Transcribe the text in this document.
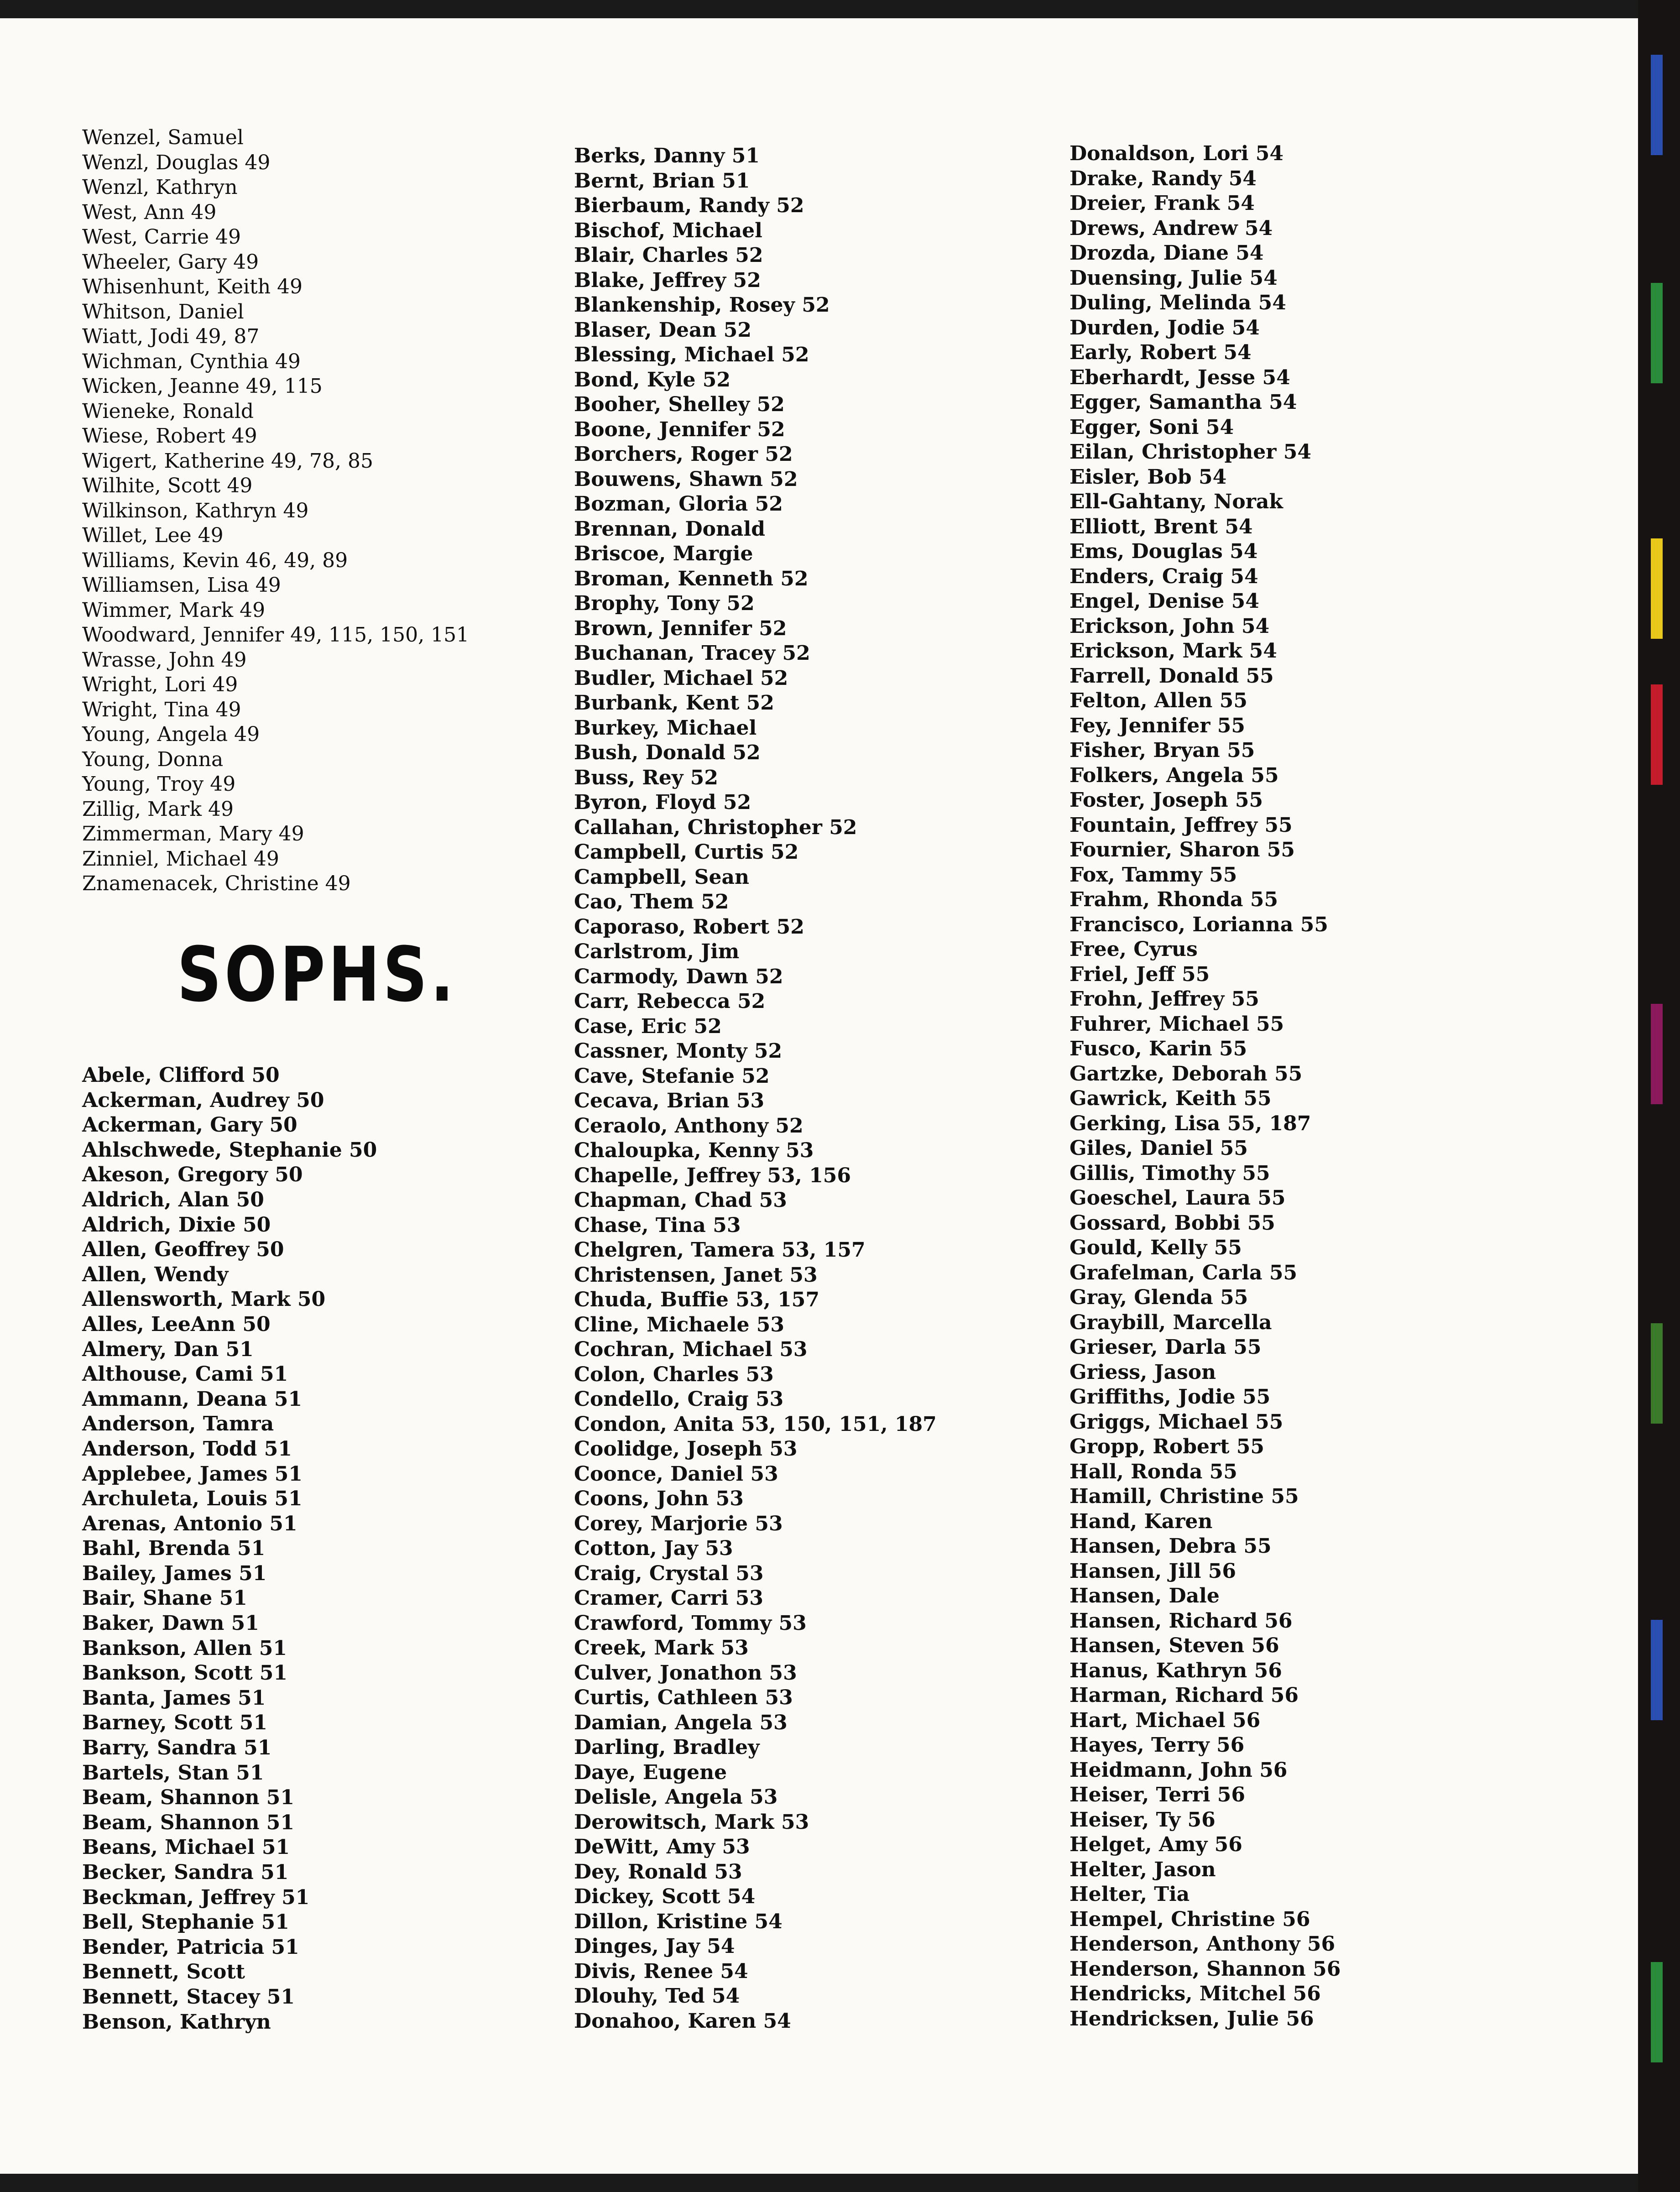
Wenzel, Samuel
Wenzl, Douglas 49
Wenzl, Kathryn
West, Ann 49
West, Carrie 49
Wheeler, Gary 49
Whisenhunt, Keith 49
Whitson, Daniel
Wiatt, Jodi 49, 87
Wichman, Cynthia 49
Wicken, Jeanne 49, 115
Wieneke, Ronald
Wiese, Robert 49
Wigert, Katherine 49, 78, 85
Wilhite, Scott 49
Wilkinson, Kathryn 49
Willet, Lee 49
Williams, Kevin 46, 49, 89
Williamsen, Lisa 49
Wimmer, Mark 49
Woodward, Jennifer 49, 115, 150, 151
Wrasse, John 49
Wright, Lori 49
Wright, Tina 49
Young, Angela 49
Young, Donna
Young, Troy 49
Zillig, Mark 49
Zimmerman, Mary 49
Zinniel, Michael 49
Znamenacek, Christine 49
SOPHS.
Abele, Clifford 50
Ackerman, Audrey 50
Ackerman, Gary 50
Ahlschwede, Stephanie 50
Akeson, Gregory 50
Aldrich, Alan 50
Aldrich, Dixie 50
Allen, Geoffrey 50
Allen, Wendy
Allensworth, Mark 50
Alles, LeeAnn 50
Almery, Dan 51
Althouse, Cami 51
Ammann, Deana 51
Anderson, Tamra
Anderson, Todd 51
Applebee, James 51
Archuleta, Louis 51
Arenas, Antonio 51
Bahl, Brenda 51
Bailey, James 51
Bair, Shane 51
Baker, Dawn 51
Bankson, Allen 51
Bankson, Scott 51
Banta, James 51
Barney, Scott 51
Barry, Sandra 51
Bartels, Stan 51
Beam, Shannon 51
Beam, Shannon 51
Beans, Michael 51
Becker, Sandra 51
Beckman, Jeffrey 51
Bell, Stephanie 51
Bender, Patricia 51
Bennett, Scott
Bennett, Stacey 51
Benson, Kathryn
Berks, Danny 51
Bernt, Brian 51
Bierbaum, Randy 52
Bischof, Michael
Blair, Charles 52
Blake, Jeffrey 52
Blankenship, Rosey 52
Blaser, Dean 52
Blessing, Michael 52
Bond, Kyle 52
Booher, Shelley 52
Boone, Jennifer 52
Borchers, Roger 52
Bouwens, Shawn 52
Bozman, Gloria 52
Brennan, Donald
Briscoe, Margie
Broman, Kenneth 52
Brophy, Tony 52
Brown, Jennifer 52
Buchanan, Tracey 52
Budler, Michael 52
Burbank, Kent 52
Burkey, Michael
Bush, Donald 52
Buss, Rey 52
Byron, Floyd 52
Callahan, Christopher 52
Campbell, Curtis 52
Campbell, Sean
Cao, Them 52
Caporaso, Robert 52
Carlstrom, Jim
Carmody, Dawn 52
Carr, Rebecca 52
Case, Eric 52
Cassner, Monty 52
Cave, Stefanie 52
Cecava, Brian 53
Ceraolo, Anthony 52
Chaloupka, Kenny 53
Chapelle, Jeffrey 53, 156
Chapman, Chad 53
Chase, Tina 53
Chelgren, Tamera 53, 157
Christensen, Janet 53
Chuda, Buffie 53, 157
Cline, Michaele 53
Cochran, Michael 53
Colon, Charles 53
Condello, Craig 53
Condon, Anita 53, 150, 151, 187
Coolidge, Joseph 53
Coonce, Daniel 53
Coons, John 53
Corey, Marjorie 53
Cotton, Jay 53
Craig, Crystal 53
Cramer, Carri 53
Crawford, Tommy 53
Creek, Mark 53
Culver, Jonathon 53
Curtis, Cathleen 53
Damian, Angela 53
Darling, Bradley
Daye, Eugene
Delisle, Angela 53
Derowitsch, Mark 53
DeWitt, Amy 53
Dey, Ronald 53
Dickey, Scott 54
Dillon, Kristine 54
Dinges, Jay 54
Divis, Renee 54
Dlouhy, Ted 54
Donahoo, Karen 54
Donaldson, Lori 54
Drake, Randy 54
Dreier, Frank 54
Drews, Andrew 54
Drozda, Diane 54
Duensing, Julie 54
Duling, Melinda 54
Durden, Jodie 54
Early, Robert 54
Eberhardt, Jesse 54
Egger, Samantha 54
Egger, Soni 54
Eilan, Christopher 54
Eisler, Bob 54
Ell-Gahtany, Norak
Elliott, Brent 54
Ems, Douglas 54
Enders, Craig 54
Engel, Denise 54
Erickson, John 54
Erickson, Mark 54
Farrell, Donald 55
Felton, Allen 55
Fey, Jennifer 55
Fisher, Bryan 55
Folkers, Angela 55
Foster, Joseph 55
Fountain, Jeffrey 55
Fournier, Sharon 55
Fox, Tammy 55
Frahm, Rhonda 55
Francisco, Lorianna 55
Free, Cyrus
Friel, Jeff 55
Frohn, Jeffrey 55
Fuhrer, Michael 55
Fusco, Karin 55
Gartzke, Deborah 55
Gawrick, Keith 55
Gerking, Lisa 55, 187
Giles, Daniel 55
Gillis, Timothy 55
Goeschel, Laura 55
Gossard, Bobbi 55
Gould, Kelly 55
Grafelman, Carla 55
Gray, Glenda 55
Graybill, Marcella
Grieser, Darla 55
Griess, Jason
Griffiths, Jodie 55
Griggs, Michael 55
Gropp, Robert 55
Hall, Ronda 55
Hamill, Christine 55
Hand, Karen
Hansen, Debra 55
Hansen, Jill 56
Hansen, Dale
Hansen, Richard 56
Hansen, Steven 56
Hanus, Kathryn 56
Harman, Richard 56
Hart, Michael 56
Hayes, Terry 56
Heidmann, John 56
Heiser, Terri 56
Heiser, Ty 56
Helget, Amy 56
Helter, Jason
Helter, Tia
Hempel, Christine 56
Henderson, Anthony 56
Henderson, Shannon 56
Hendricks, Mitchel 56
Hendricksen, Julie 56
